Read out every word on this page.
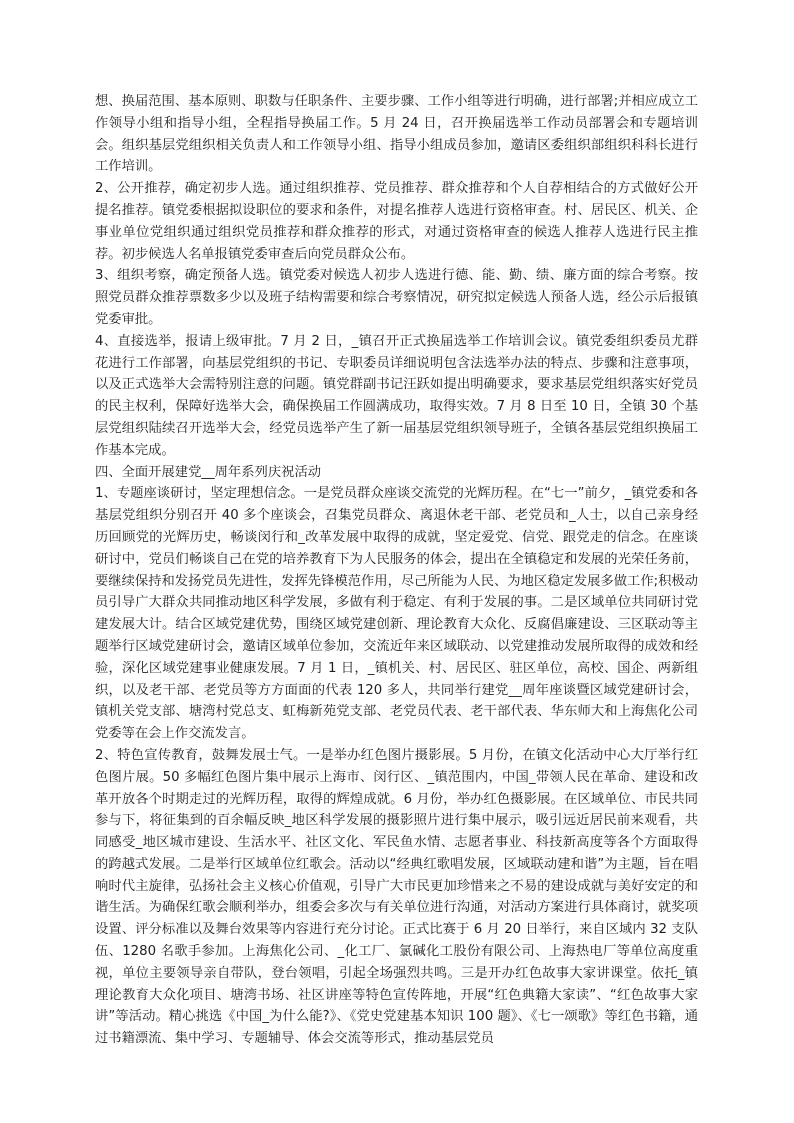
想、换届范围、基本原则、职数与任职条件、主要步骤、工作小组等进行明确，进行部署;并相应成立工作领导小组和指导小组，全程指导换届工作。5 月 24 日，召开换届选举工作动员部署会和专题培训会。组织基层党组织相关负责人和工作领导小组、指导小组成员参加，邀请区委组织部组织科科长进行工作培训。

2、公开推荐，确定初步人选。通过组织推荐、党员推荐、群众推荐和个人自荐相结合的方式做好公开提名推荐。镇党委根据拟设职位的要求和条件，对提名推荐人选进行资格审查。村、居民区、机关、企事业单位党组织通过组织党员推荐和群众推荐的形式，对通过资格审查的候选人推荐人选进行民主推荐。初步候选人名单报镇党委审查后向党员群众公布。

3、组织考察，确定预备人选。镇党委对候选人初步人选进行德、能、勤、绩、廉方面的综合考察。按照党员群众推荐票数多少以及班子结构需要和综合考察情况，研究拟定候选人预备人选，经公示后报镇党委审批。

4、直接选举，报请上级审批。7 月 2 日，_镇召开正式换届选举工作培训会议。镇党委组织委员尤群花进行工作部署，向基层党组织的书记、专职委员详细说明包含法选举办法的特点、步骤和注意事项，以及正式选举大会需特别注意的问题。镇党群副书记汪跃如提出明确要求，要求基层党组织落实好党员的民主权利，保障好选举大会，确保换届工作圆满成功，取得实效。7 月 8 日至 10 日，全镇 30 个基层党组织陆续召开选举大会，经党员选举产生了新一届基层党组织领导班子，全镇各基层党组织换届工作基本完成。

四、全面开展建党__周年系列庆祝活动

1、专题座谈研讨，坚定理想信念。一是党员群众座谈交流党的光辉历程。在“七一”前夕，_镇党委和各基层党组织分别召开 40 多个座谈会，召集党员群众、离退休老干部、老党员和_人士，以自己亲身经历回顾党的光辉历史，畅谈闵行和_改革发展中取得的成就，坚定爱党、信党、跟党走的信念。在座谈研讨中，党员们畅谈自己在党的培养教育下为人民服务的体会，提出在全镇稳定和发展的光荣任务前，要继续保持和发扬党员先进性，发挥先锋模范作用，尽己所能为人民、为地区稳定发展多做工作;积极动员引导广大群众共同推动地区科学发展，多做有利于稳定、有利于发展的事。二是区域单位共同研讨党建发展大计。结合区域党建优势，围绕区域党建创新、理论教育大众化、反腐倡廉建设、三区联动等主题举行区域党建研讨会，邀请区域单位参加，交流近年来区域联动、以党建推动发展所取得的成效和经验，深化区域党建事业健康发展。7 月 1 日，_镇机关、村、居民区、驻区单位，高校、国企、两新组织，以及老干部、老党员等方方面面的代表 120 多人，共同举行建党__周年座谈暨区域党建研讨会，镇机关党支部、塘湾村党总支、虹梅新苑党支部、老党员代表、老干部代表、华东师大和上海焦化公司党委等在会上作交流发言。

2、特色宣传教育，鼓舞发展士气。一是举办红色图片摄影展。5 月份，在镇文化活动中心大厅举行红色图片展。50 多幅红色图片集中展示上海市、闵行区、_镇范围内，中国_带领人民在革命、建设和改革开放各个时期走过的光辉历程，取得的辉煌成就。6 月份，举办红色摄影展。在区域单位、市民共同参与下，将征集到的百余幅反映_地区科学发展的摄影照片进行集中展示，吸引远近居民前来观看，共同感受_地区城市建设、生活水平、社区文化、军民鱼水情、志愿者事业、科技新高度等各个方面取得的跨越式发展。二是举行区域单位红歌会。活动以“经典红歌唱发展，区域联动建和谐”为主题，旨在唱响时代主旋律，弘扬社会主义核心价值观，引导广大市民更加珍惜来之不易的建设成就与美好安定的和谐生活。为确保红歌会顺利举办，组委会多次与有关单位进行沟通，对活动方案进行具体商讨，就奖项设置、评分标准以及舞台效果等内容进行充分讨论。正式比赛于 6 月 20 日举行，来自区域内 32 支队伍、1280 名歌手参加。上海焦化公司、_化工厂、氯碱化工股份有限公司、上海热电厂等单位高度重视，单位主要领导亲自带队，登台领唱，引起全场强烈共鸣。三是开办红色故事大家讲课堂。依托_镇理论教育大众化项目、塘湾书场、社区讲座等特色宣传阵地，开展“红色典籍大家读”、“红色故事大家讲”等活动。精心挑选《中国_为什么能?》、《党史党建基本知识 100 题》、《七一颂歌》等红色书籍，通过书籍漂流、集中学习、专题辅导、体会交流等形式，推动基层党员
